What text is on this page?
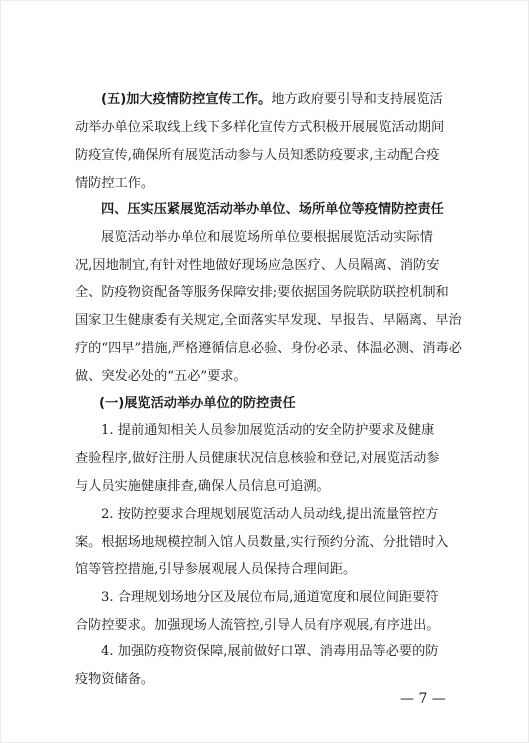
(五)加大疫情防控宣传工作。地方政府要引导和支持展览活
动举办单位采取线上线下多样化宣传方式积极开展展览活动期间
防疫宣传,确保所有展览活动参与人员知悉防疫要求,主动配合疫
情防控工作。
四、压实压紧展览活动举办单位、场所单位等疫情防控责任
展览活动举办单位和展览场所单位要根据展览活动实际情
况,因地制宜,有针对性地做好现场应急医疗、人员隔离、消防安
全、防疫物资配备等服务保障安排;要依据国务院联防联控机制和
国家卫生健康委有关规定,全面落实早发现、早报告、早隔离、早治
疗的“四早”措施,严格遵循信息必验、身份必录、体温必测、消毒必
做、突发必处的“五必”要求。
(一)展览活动举办单位的防控责任
1. 提前通知相关人员参加展览活动的安全防护要求及健康
查验程序,做好注册人员健康状况信息核验和登记,对展览活动参
与人员实施健康排查,确保人员信息可追溯。
2. 按防控要求合理规划展览活动人员动线,提出流量管控方
案。根据场地规模控制入馆人员数量,实行预约分流、分批错时入
馆等管控措施,引导参展观展人员保持合理间距。
3. 合理规划场地分区及展位布局,通道宽度和展位间距要符
合防控要求。加强现场人流管控,引导人员有序观展,有序进出。
4. 加强防疫物资保障,展前做好口罩、消毒用品等必要的防
疫物资储备。
— 7 —
